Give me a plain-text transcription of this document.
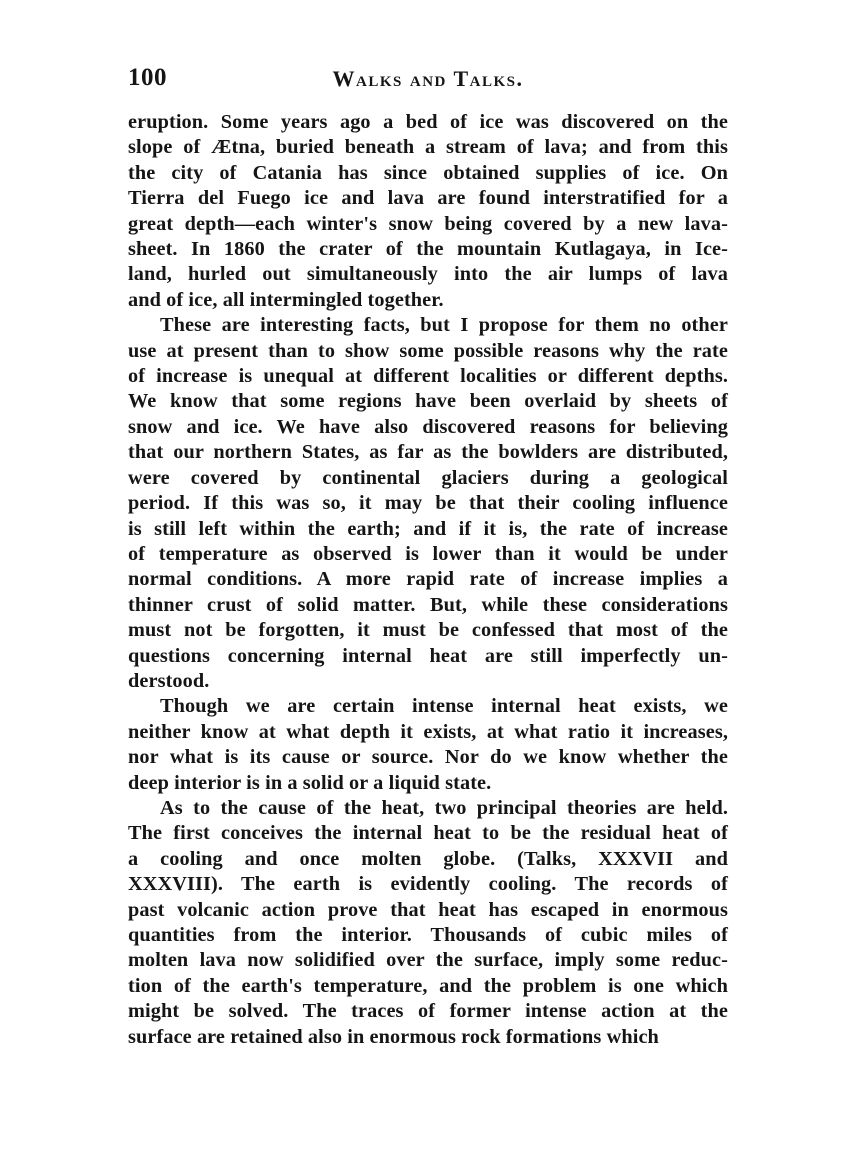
100	Walks and Talks.

eruption. Some years ago a bed of ice was discovered on the

slope of Ætna, buried beneath a stream of lava; and from this

the city of Catania has since obtained supplies of ice. On

Tierra del Fuego ice and lava are found interstratified for a

great depth—each winter's snow being covered by a new lava-

sheet. In 1860 the crater of the mountain Kutlagaya, in Ice-

land, hurled out simultaneously into the air lumps of lava

and of ice, all intermingled together.

These are interesting facts, but I propose for them no other

use at present than to show some possible reasons why the rate

of increase is unequal at different localities or different depths.

We know that some regions have been overlaid by sheets of

snow and ice. We have also discovered reasons for believing

that our northern States, as far as the bowlders are distributed,

were covered by continental glaciers during a geological

period. If this was so, it may be that their cooling influence

is still left within the earth; and if it is, the rate of increase

of temperature as observed is lower than it would be under

normal conditions. A more rapid rate of increase implies a

thinner crust of solid matter. But, while these considerations

must not be forgotten, it must be confessed that most of the

questions concerning internal heat are still imperfectly un-

derstood.

Though we are certain intense internal heat exists, we

neither know at what depth it exists, at what ratio it increases,

nor what is its cause or source. Nor do we know whether the

deep interior is in a solid or a liquid state.

As to the cause of the heat, two principal theories are held.

The first conceives the internal heat to be the residual heat of

a cooling and once molten globe. (Talks, XXXVII and

XXXVIII). The earth is evidently cooling. The records of

past volcanic action prove that heat has escaped in enormous

quantities from the interior. Thousands of cubic miles of

molten lava now solidified over the surface, imply some reduc-

tion of the earth's temperature, and the problem is one which

might be solved. The traces of former intense action at the

surface are retained also in enormous rock formations which
